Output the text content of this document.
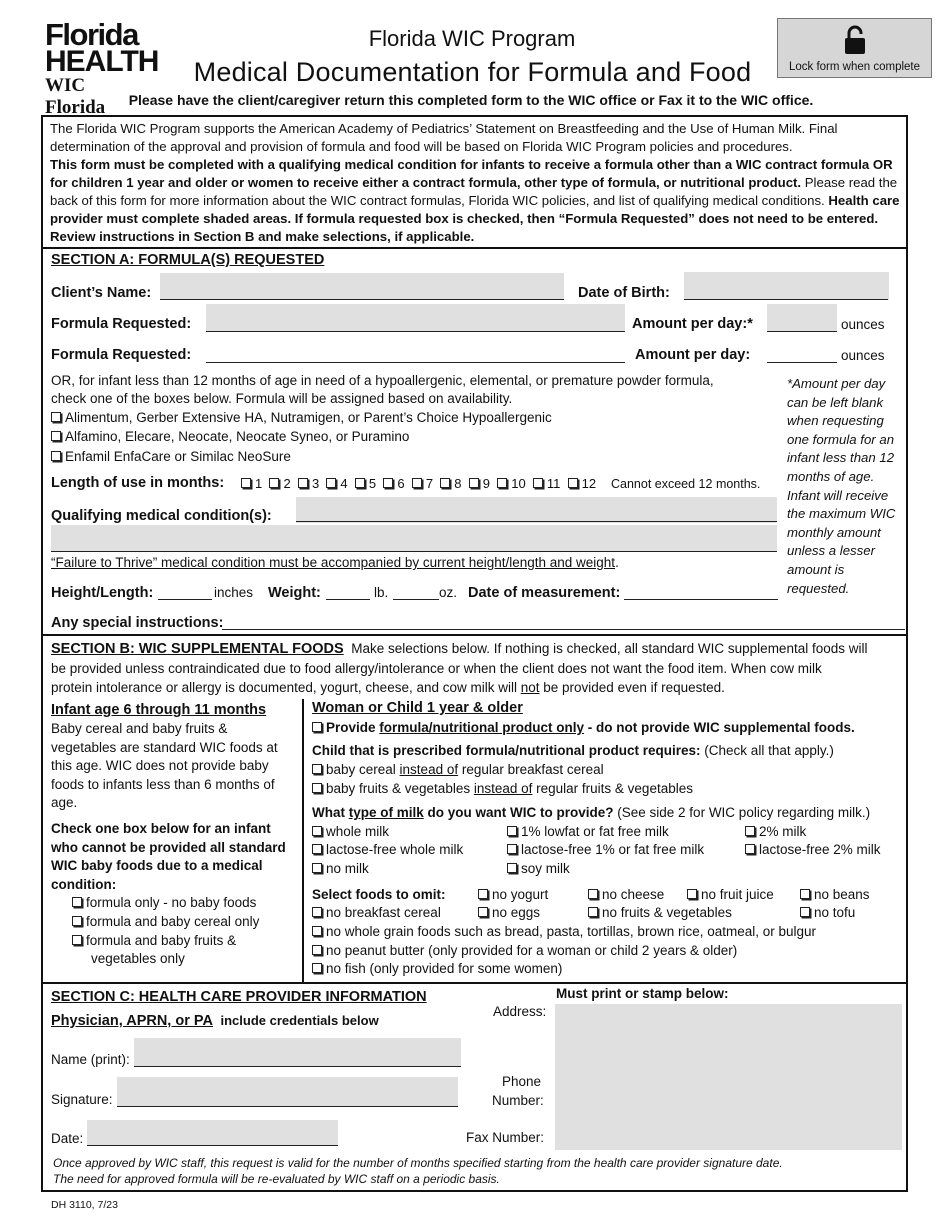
Florida
HEALTH
WIC Florida
Florida WIC Program
Medical Documentation for Formula and Food
Please have the client/caregiver return this completed form to the WIC office or Fax it to the WIC office.
Lock form when complete
The Florida WIC Program supports the American Academy of Pediatrics’ Statement on Breastfeeding and the Use of Human Milk. Final determination of the approval and provision of formula and food will be based on Florida WIC Program policies and procedures.
This form must be completed with a qualifying medical condition for infants to receive a formula other than a WIC contract formula OR for children 1 year and older or women to receive either a contract formula, other type of formula, or nutritional product. Please read the back of this form for more information about the WIC contract formulas, Florida WIC policies, and list of qualifying medical conditions. Health care provider must complete shaded areas. If formula requested box is checked, then “Formula Requested” does not need to be entered. Review instructions in Section B and make selections, if applicable.
SECTION A: FORMULA(S) REQUESTED
Client’s Name:	Date of Birth:
Formula Requested:	Amount per day:*	ounces
Formula Requested:	Amount per day:	ounces
OR, for infant less than 12 months of age in need of a hypoallergenic, elemental, or premature powder formula,
check one of the boxes below. Formula will be assigned based on availability.
Alimentum, Gerber Extensive HA, Nutramigen, or Parent’s Choice Hypoallergenic
Alfamino, Elecare, Neocate, Neocate Syneo, or Puramino
Enfamil EnfaCare or Similac NeoSure
Length of use in months:	1 2 3 4 5 6 7 8 9 10 11 12 Cannot exceed 12 months.
Qualifying medical condition(s):
“Failure to Thrive” medical condition must be accompanied by current height/length and weight.
Height/Length:	inches Weight:	lb.	oz. Date of measurement:
Any special instructions:
*Amount per day can be left blank when requesting one formula for an infant less than 12 months of age. Infant will receive the maximum WIC monthly amount unless a lesser amount is requested.
SECTION B: WIC SUPPLEMENTAL FOODS Make selections below. If nothing is checked, all standard WIC supplemental foods will
be provided unless contraindicated due to food allergy/intolerance or when the client does not want the food item. When cow milk
protein intolerance or allergy is documented, yogurt, cheese, and cow milk will not be provided even if requested.
Infant age 6 through 11 months
Baby cereal and baby fruits & vegetables are standard WIC foods at this age. WIC does not provide baby foods to infants less than 6 months of age.
Check one box below for an infant who cannot be provided all standard WIC baby foods due to a medical condition:
formula only - no baby foods
formula and baby cereal only
formula and baby fruits &
vegetables only
Woman or Child 1 year & older
Provide formula/nutritional product only - do not provide WIC supplemental foods.
Child that is prescribed formula/nutritional product requires: (Check all that apply.)
baby cereal instead of regular breakfast cereal
baby fruits & vegetables instead of regular fruits & vegetables
What type of milk do you want WIC to provide? (See side 2 for WIC policy regarding milk.)
whole milk	1% lowfat or fat free milk	2% milk
lactose-free whole milk	lactose-free 1% or fat free milk	lactose-free 2% milk
no milk	soy milk
Select foods to omit:	no yogurt	no cheese	no fruit juice	no beans
no breakfast cereal	no eggs	no fruits & vegetables	no tofu
no whole grain foods such as bread, pasta, tortillas, brown rice, oatmeal, or bulgur
no peanut butter (only provided for a woman or child 2 years & older)
no fish (only provided for some women)
SECTION C: HEALTH CARE PROVIDER INFORMATION
Physician, APRN, or PA include credentials below
Name (print):
Signature:
Date:
Must print or stamp below:
Address:
Phone
Number:
Fax Number:
Once approved by WIC staff, this request is valid for the number of months specified starting from the health care provider signature date.
The need for approved formula will be re-evaluated by WIC staff on a periodic basis.
DH 3110, 7/23
